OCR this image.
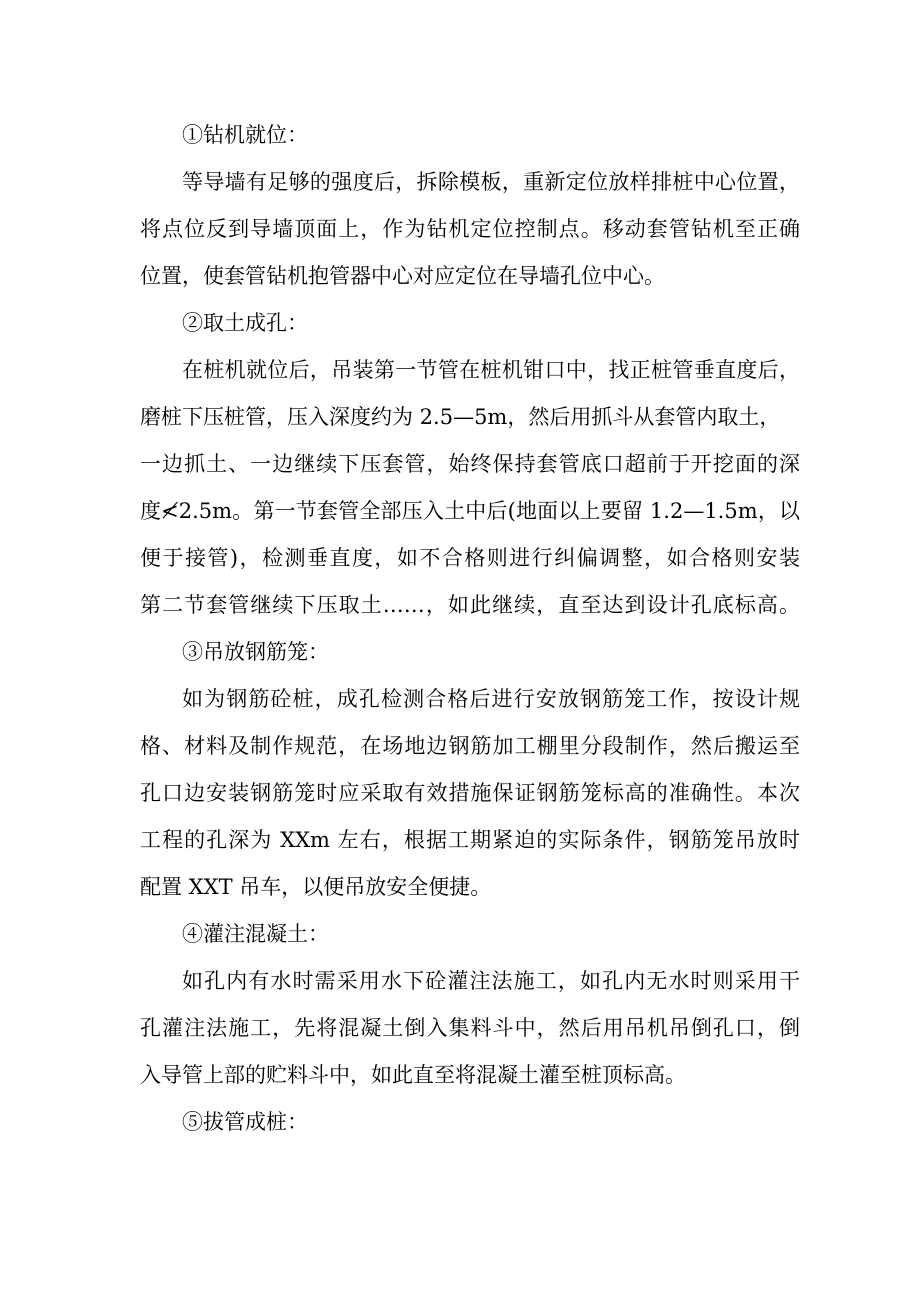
①钻机就位：
等导墙有足够的强度后，拆除模板，重新定位放样排桩中心位置，
将点位反到导墙顶面上，作为钻机定位控制点。移动套管钻机至正确
位置，使套管钻机抱管器中心对应定位在导墙孔位中心。
②取土成孔：
在桩机就位后，吊装第一节管在桩机钳口中，找正桩管垂直度后，
磨桩下压桩管，压入深度约为 2.5—5m，然后用抓斗从套管内取土，
一边抓土、一边继续下压套管，始终保持套管底口超前于开挖面的深
度≮2.5m。第一节套管全部压入土中后(地面以上要留 1.2—1.5m，以
便于接管)，检测垂直度，如不合格则进行纠偏调整，如合格则安装
第二节套管继续下压取土……，如此继续，直至达到设计孔底标高。
③吊放钢筋笼：
如为钢筋砼桩，成孔检测合格后进行安放钢筋笼工作，按设计规
格、材料及制作规范，在场地边钢筋加工棚里分段制作，然后搬运至
孔口边安装钢筋笼时应采取有效措施保证钢筋笼标高的准确性。本次
工程的孔深为 XXm 左右，根据工期紧迫的实际条件，钢筋笼吊放时
配置 XXT 吊车，以便吊放安全便捷。
④灌注混凝土：
如孔内有水时需采用水下砼灌注法施工，如孔内无水时则采用干
孔灌注法施工，先将混凝土倒入集料斗中，然后用吊机吊倒孔口，倒
入导管上部的贮料斗中，如此直至将混凝土灌至桩顶标高。
⑤拔管成桩：
